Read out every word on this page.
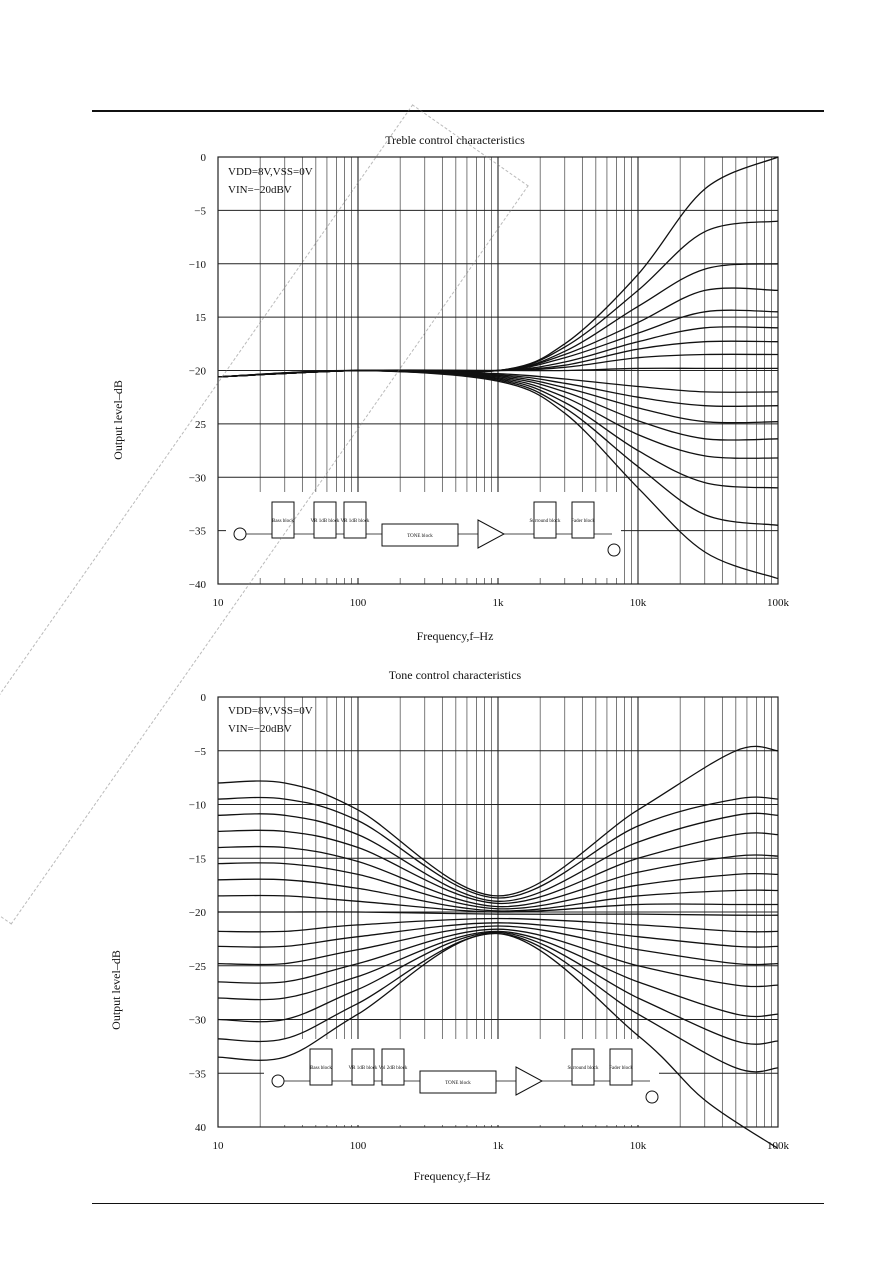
Treble control characteristics
Frequency,f–Hz
Output level–dB
VDD=8V,VSS=0V
VIN=−20dBV
Bass block	VR 1dB block VR 1dB block
TONE block
Surround block Fader block
10	100	1k	10k	100k
0
−5
−10
15
−20
25
−30
−35
−40
Tone control characteristics
Frequency,f–Hz
Output level–dB
VDD=8V,VSS=0V
VIN=−20dBV
Bass block	VR 1dB block Vol 2dB block
TONE block
Surround block Fader block
10	100	1k	10k	100k
0
−5
−10
−15
−20
−25
−30
−35
40
